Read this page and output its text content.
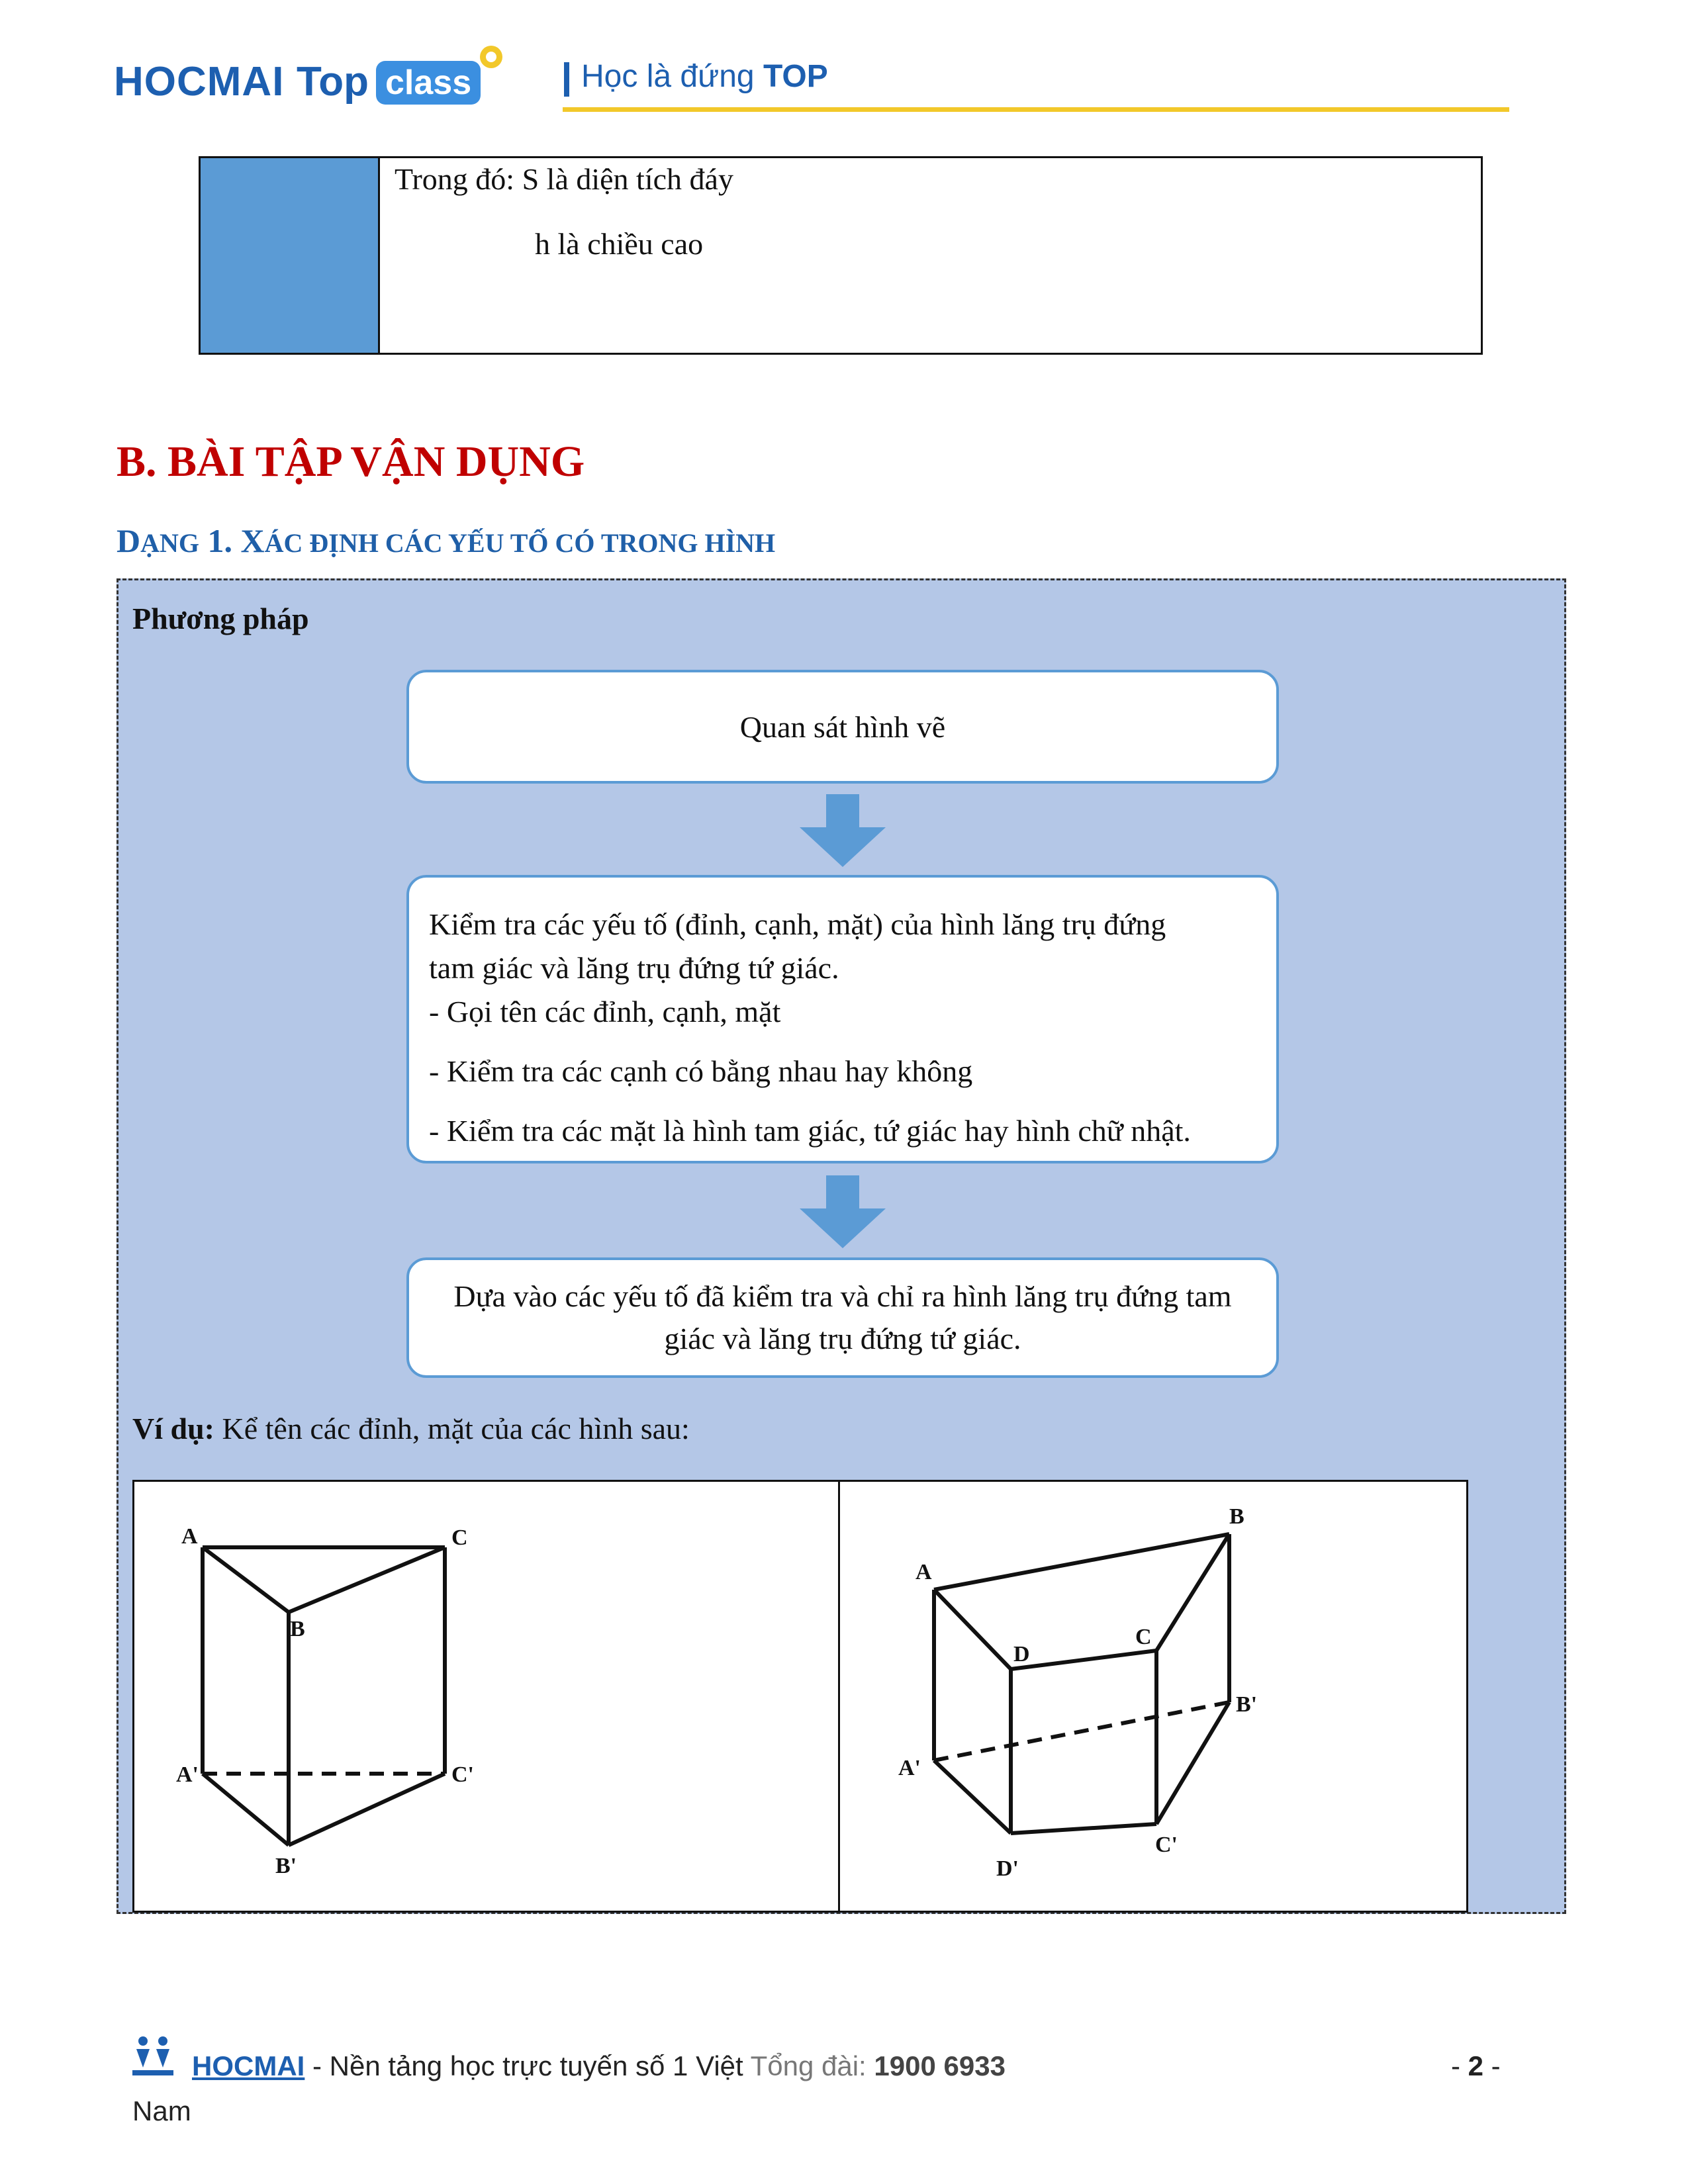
HOCMAI Top class	Học là đứng TOP
Trong đó: S là diện tích đáy
h là chiều cao
B. BÀI TẬP VẬN DỤNG
DẠNG 1. XÁC ĐỊNH CÁC YẾU TỐ CÓ TRONG HÌNH
Phương pháp
Quan sát hình vẽ
Kiểm tra các yếu tố (đỉnh, cạnh, mặt) của hình lăng trụ đứng
tam giác và lăng trụ đứng tứ giác.
- Gọi tên các đỉnh, cạnh, mặt
- Kiểm tra các cạnh có bằng nhau hay không
- Kiểm tra các mặt là hình tam giác, tứ giác hay hình chữ nhật.
Dựa vào các yếu tố đã kiểm tra và chỉ ra hình lăng trụ đứng tam
giác và lăng trụ đứng tứ giác.
Ví dụ: Kể tên các đỉnh, mặt của các hình sau:
A	C
B
A'	C'
B'
B
A
D
C
B'
A'
C'
D'
HOCMAI - Nền tảng học trực tuyến số 1 Việt Tổng đài: 1900 6933
Nam
- 2 -
